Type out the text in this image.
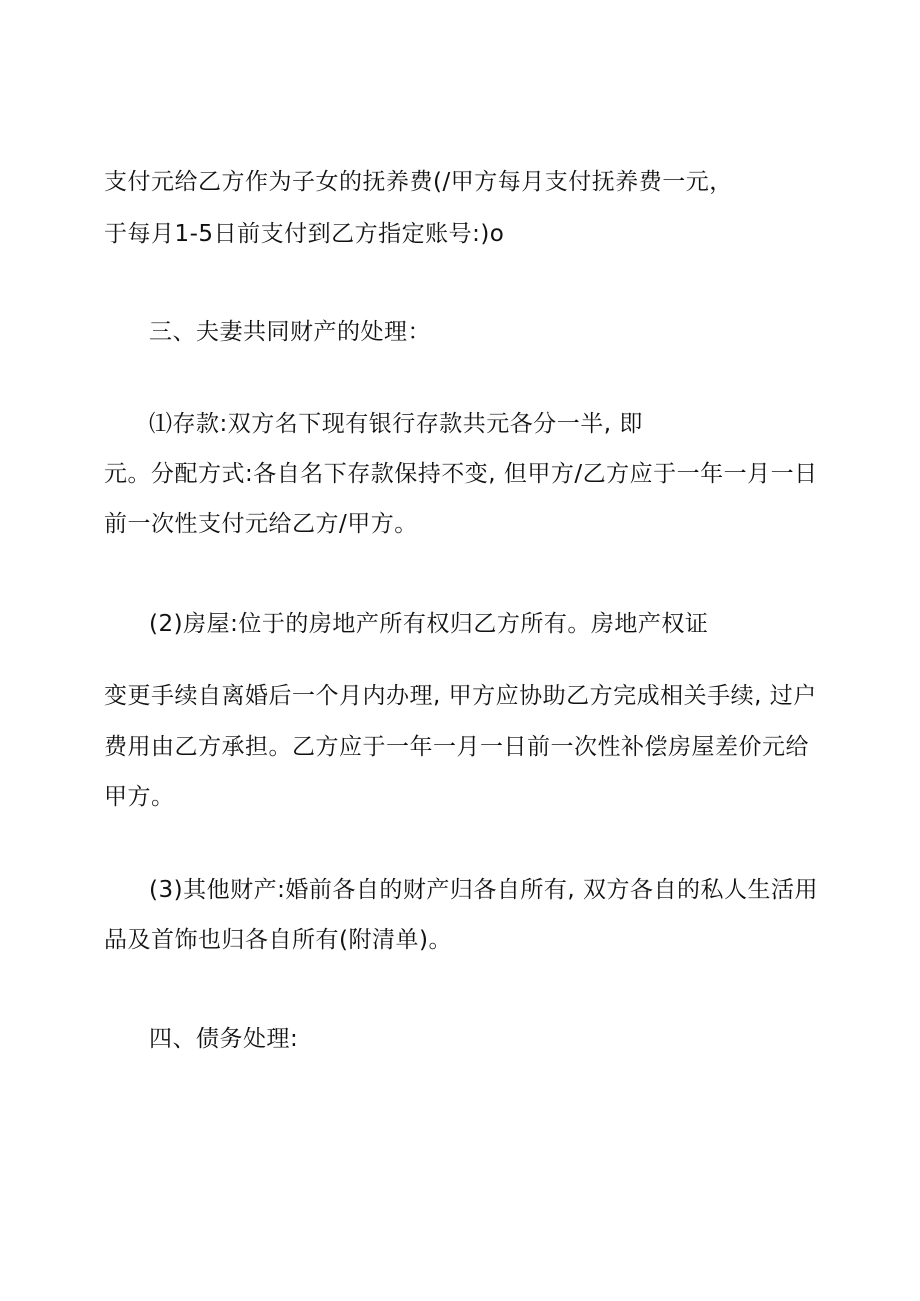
支付元给乙方作为子女的抚养费(/甲方每月支付抚养费一元，
于每月1-5日前支付到乙方指定账号:)o
三、夫妻共同财产的处理：
⑴存款:双方名下现有银行存款共元各分一半, 即
元。分配方式:各自名下存款保持不变, 但甲方/乙方应于一年一月一日
前一次性支付元给乙方/甲方。
(2)房屋:位于的房地产所有权归乙方所有。房地产权证
变更手续自离婚后一个月内办理, 甲方应协助乙方完成相关手续, 过户
费用由乙方承担。乙方应于一年一月一日前一次性补偿房屋差价元给
甲方。
(3)其他财产:婚前各自的财产归各自所有, 双方各自的私人生活用
品及首饰也归各自所有(附清单)。
四、债务处理:
